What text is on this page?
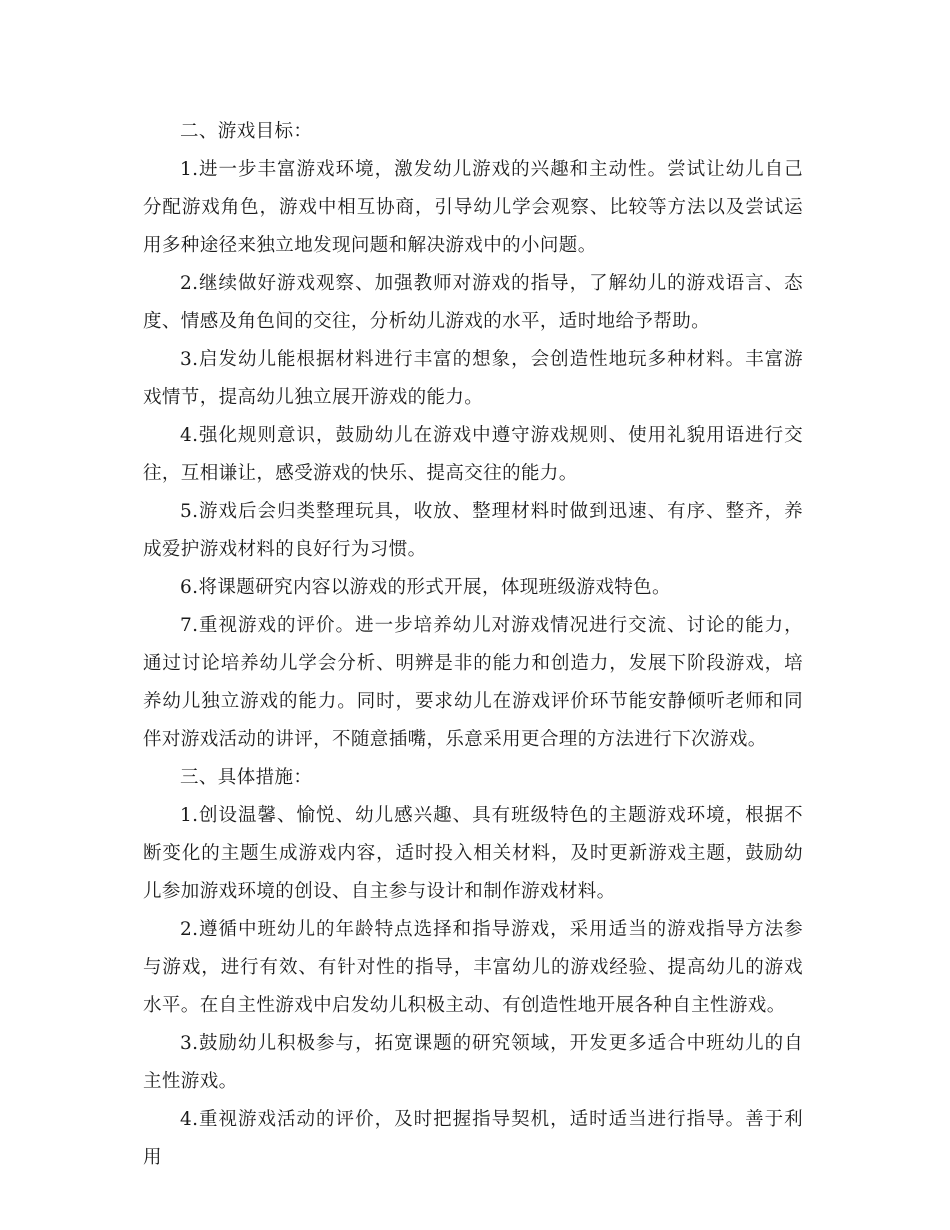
二、游戏目标：

1.进一步丰富游戏环境，激发幼儿游戏的兴趣和主动性。尝试让幼儿自己分配游戏角色，游戏中相互协商，引导幼儿学会观察、比较等方法以及尝试运用多种途径来独立地发现问题和解决游戏中的小问题。

2.继续做好游戏观察、加强教师对游戏的指导，了解幼儿的游戏语言、态度、情感及角色间的交往，分析幼儿游戏的水平，适时地给予帮助。

3.启发幼儿能根据材料进行丰富的想象，会创造性地玩多种材料。丰富游戏情节，提高幼儿独立展开游戏的能力。

4.强化规则意识，鼓励幼儿在游戏中遵守游戏规则、使用礼貌用语进行交往，互相谦让，感受游戏的快乐、提高交往的能力。

5.游戏后会归类整理玩具，收放、整理材料时做到迅速、有序、整齐，养成爱护游戏材料的良好行为习惯。

6.将课题研究内容以游戏的形式开展，体现班级游戏特色。

7.重视游戏的评价。进一步培养幼儿对游戏情况进行交流、讨论的能力，通过讨论培养幼儿学会分析、明辨是非的能力和创造力，发展下阶段游戏，培养幼儿独立游戏的能力。同时，要求幼儿在游戏评价环节能安静倾听老师和同伴对游戏活动的讲评，不随意插嘴，乐意采用更合理的方法进行下次游戏。

三、具体措施：

1.创设温馨、愉悦、幼儿感兴趣、具有班级特色的主题游戏环境，根据不断变化的主题生成游戏内容，适时投入相关材料，及时更新游戏主题，鼓励幼儿参加游戏环境的创设、自主参与设计和制作游戏材料。

2.遵循中班幼儿的年龄特点选择和指导游戏，采用适当的游戏指导方法参与游戏，进行有效、有针对性的指导，丰富幼儿的游戏经验、提高幼儿的游戏水平。在自主性游戏中启发幼儿积极主动、有创造性地开展各种自主性游戏。

3.鼓励幼儿积极参与，拓宽课题的研究领域，开发更多适合中班幼儿的自主性游戏。

4.重视游戏活动的评价，及时把握指导契机，适时适当进行指导。善于利用
